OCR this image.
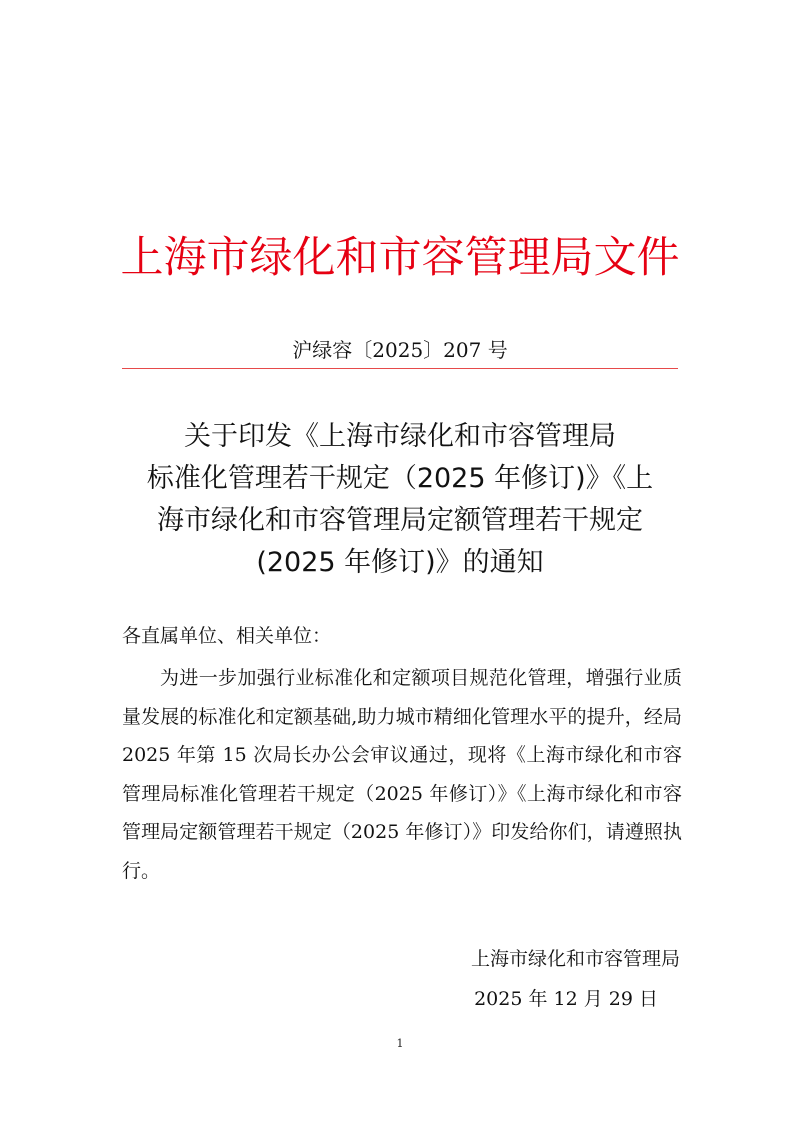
上海市绿化和市容管理局文件
沪绿容〔2025〕207 号
关于印发《上海市绿化和市容管理局
标准化管理若干规定（2025 年修订)》《上
海市绿化和市容管理局定额管理若干规定
(2025 年修订)》的通知
各直属单位、相关单位：
为进一步加强行业标准化和定额项目规范化管理，增强行业质量发展的标准化和定额基础,助力城市精细化管理水平的提升，经局 2025 年第 15 次局长办公会审议通过，现将《上海市绿化和市容管理局标准化管理若干规定（2025 年修订）》《上海市绿化和市容管理局定额管理若干规定（2025 年修订）》印发给你们，请遵照执行。
上海市绿化和市容管理局
2025 年 12 月 29 日
1
